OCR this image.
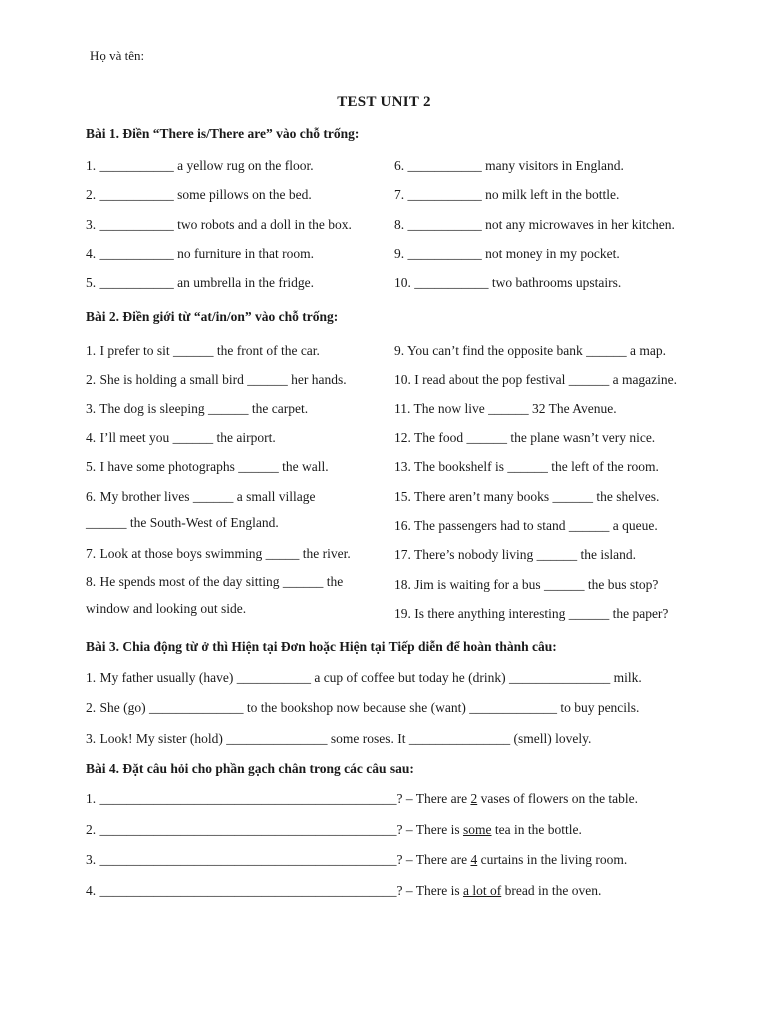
Họ và tên:
TEST UNIT 2
Bài 1. Điền “There is/There are” vào chỗ trống:
1. ___________ a yellow rug on the floor.
2. ___________ some pillows on the bed.
3. ___________ two robots and a doll in the box.
4. ___________ no furniture in that room.
5. ___________ an umbrella in the fridge.
6. ___________ many visitors in England.
7. ___________ no milk left in the bottle.
8. ___________ not any microwaves in her kitchen.
9. ___________ not money in my pocket.
10. ___________ two bathrooms upstairs.
Bài 2. Điền giới từ “at/in/on” vào chỗ trống:
1. I prefer to sit ______ the front of the car.
2. She is holding a small bird ______ her hands.
3. The dog is sleeping ______ the carpet.
4. I’ll meet you ______ the airport.
5. I have some photographs ______ the wall.
6. My brother lives ______ a small village
______ the South-West of England.
7. Look at those boys swimming _____ the river.
8. He spends most of the day sitting ______ the
window and looking out side.
9. You can’t find the opposite bank ______ a map.
10. I read about the pop festival ______ a magazine.
11. The now live ______ 32 The Avenue.
12. The food ______ the plane wasn’t very nice.
13. The bookshelf is ______ the left of the room.
15. There aren’t many books ______ the shelves.
16. The passengers had to stand ______ a queue.
17. There’s nobody living ______ the island.
18. Jim is waiting for a bus ______ the bus stop?
19. Is there anything interesting ______ the paper?
Bài 3. Chia động từ ở thì Hiện tại Đơn hoặc Hiện tại Tiếp diễn để hoàn thành câu:
1. My father usually (have) ___________ a cup of coffee but today he (drink) _______________ milk.
2. She (go) ______________ to the bookshop now because she (want) _____________ to buy pencils.
3. Look! My sister (hold) _______________ some roses. It _______________ (smell) lovely.
Bài 4. Đặt câu hỏi cho phần gạch chân trong các câu sau:
1. ____________________________________________? – There are 2 vases of flowers on the table.
2. ____________________________________________? – There is some tea in the bottle.
3. ____________________________________________? – There are 4 curtains in the living room.
4. ____________________________________________? – There is a lot of bread in the oven.
